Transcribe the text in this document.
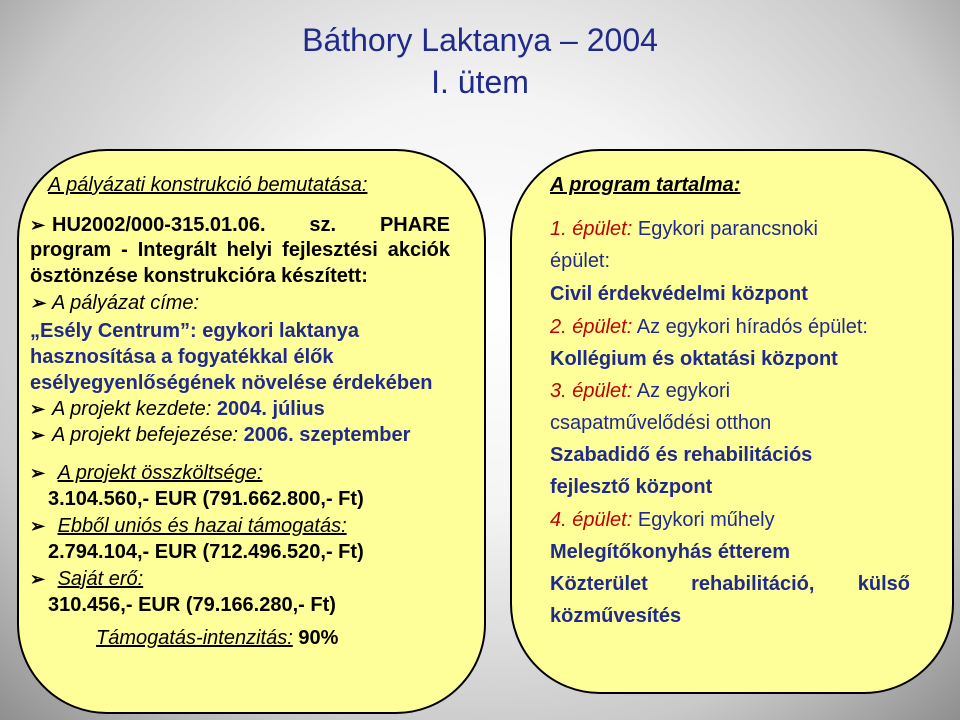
Báthory Laktanya – 2004
I. ütem
A pályázati konstrukció bemutatása:
➢ HU2002/000-315.01.06. sz. PHARE
program - Integrált helyi fejlesztési akciók
ösztönzése konstrukcióra készített:
➢ A pályázat címe:
„Esély Centrum”: egykori laktanya
hasznosítása a fogyatékkal élők
esélyegyenlőségének növelése érdekében
➢ A projekt kezdete: 2004. július
➢ A projekt befejezése: 2006. szeptember
➢ A projekt összköltsége:
3.104.560,- EUR (791.662.800,- Ft)
➢ Ebből uniós és hazai támogatás:
2.794.104,- EUR (712.496.520,- Ft)
➢ Saját erő:
310.456,- EUR (79.166.280,- Ft)
Támogatás-intenzitás: 90%
A program tartalma:
1. épület: Egykori parancsnoki
épület:
Civil érdekvédelmi központ
2. épület: Az egykori híradós épület:
Kollégium és oktatási központ
3. épület: Az egykori
csapatművelődési otthon
Szabadidő és rehabilitációs
fejlesztő központ
4. épület: Egykori műhely
Melegítőkonyhás étterem
Közterület rehabilitáció, külső
közművesítés
